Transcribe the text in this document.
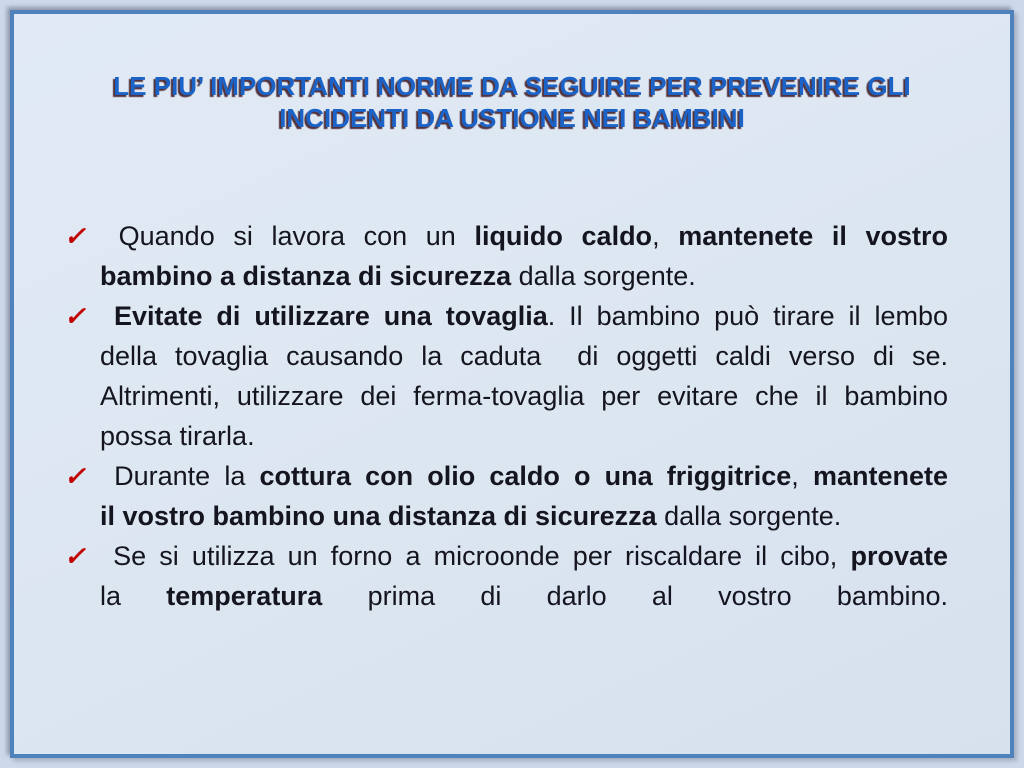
LE PIU’ IMPORTANTI NORME DA SEGUIRE PER PREVENIRE GLI
INCIDENTI DA USTIONE NEI BAMBINI
✓ Quando si lavora con un liquido caldo, mantenete il vostro
bambino a distanza di sicurezza dalla sorgente.
✓	Evitate di utilizzare una tovaglia. Il bambino può tirare il lembo
della tovaglia causando la caduta  di oggetti caldi verso di se.
Altrimenti, utilizzare dei ferma-tovaglia per evitare che il bambino
possa tirarla.
✓ Durante la cottura con olio caldo o una friggitrice, mantenete
il vostro bambino una distanza di sicurezza dalla sorgente.
✓ Se si utilizza un forno a microonde per riscaldare il cibo, provate
la temperatura prima di darlo al vostro bambino.
